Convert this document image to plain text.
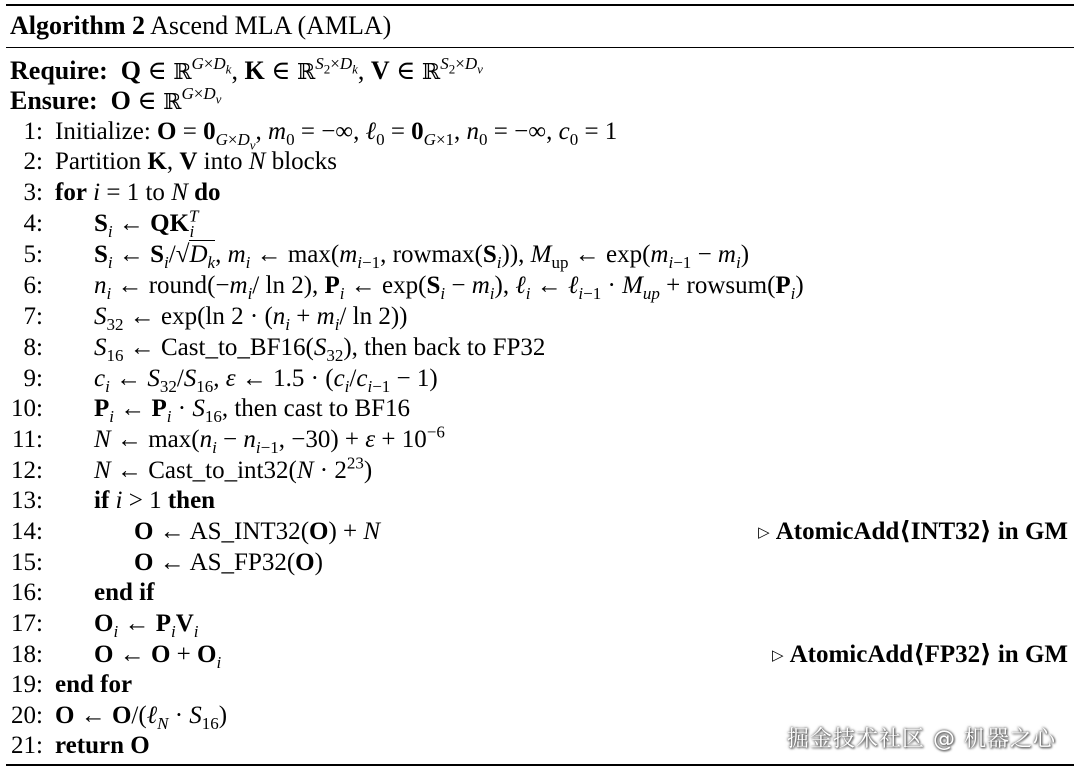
Algorithm 2 Ascend MLA (AMLA)
Require: Q ∈ ℝ$^{G\times D_k}$, K ∈ ℝ$^{S_2\times D_k}$, V ∈ ℝ$^{S_2\times D_v}$
Ensure: O ∈ ℝ$^{G\times D_v}$
1: Initialize: $O = 0_{G\times D_v}$, $m_0$ = −∞, ℓ$_0$ = $0_{G\times 1}$, $n_0$ = −∞, $c_0 = 1$
2: Partition K, V into N blocks
3: for i = 1 to N do
4: $S_i$ ← $QK^T_i$
5: $S_i$ ← $S_i/√D_k$, $m_i$ ← $\max(m_{i-1}$, $rowmax(S_i)$), $M_{up}$ ← $\exp(m_{i-1} - m_i)$
6: $n_i$ ← $round(-m_i/$ ln 2), $P_i$ ← $\exp(S_i - m_i)$, ℓ$_i$ ← ℓ$_{i-1}$ · $M_{up}$ + $rowsum(P_i)$
7: $S_{32}$ ← exp(ln $2 \cdot (n_i + m_i/$ ln 2))
8: $S_{16}$ ← $Cast\_to\_BF16(S_{32})$, then back to FP32
9: $c_i$ ← $S_{32}/S_{16}$, ε ← $1.5 \cdot (c_i/c_{i-1} - 1)$
10: $P_i$ ← $P_i \cdot S_{16}$, then cast to BF16
11: N ← $\max(n_i - n_{i-1}$, $-30) + \varepsilon + 10^{-6}$
12: N ← Cast_to_int32(N · $2^{23}$)
13: if i > 1 then
14:	O ← AS_INT32(O) + N	▷ AtomicAdd⟨INT32⟩ in GM
15:	O ← AS_FP32(O)
16: end if
17: $O_i$ ← $P_iV_i$
18: O ← $O + O_i$	▷ AtomicAdd⟨FP32⟩ in GM
19: end for
20: O ← O/(ℓ$_N$ · $S_{16}$)
21: return O	掘金技术社区 @ 机器之心
